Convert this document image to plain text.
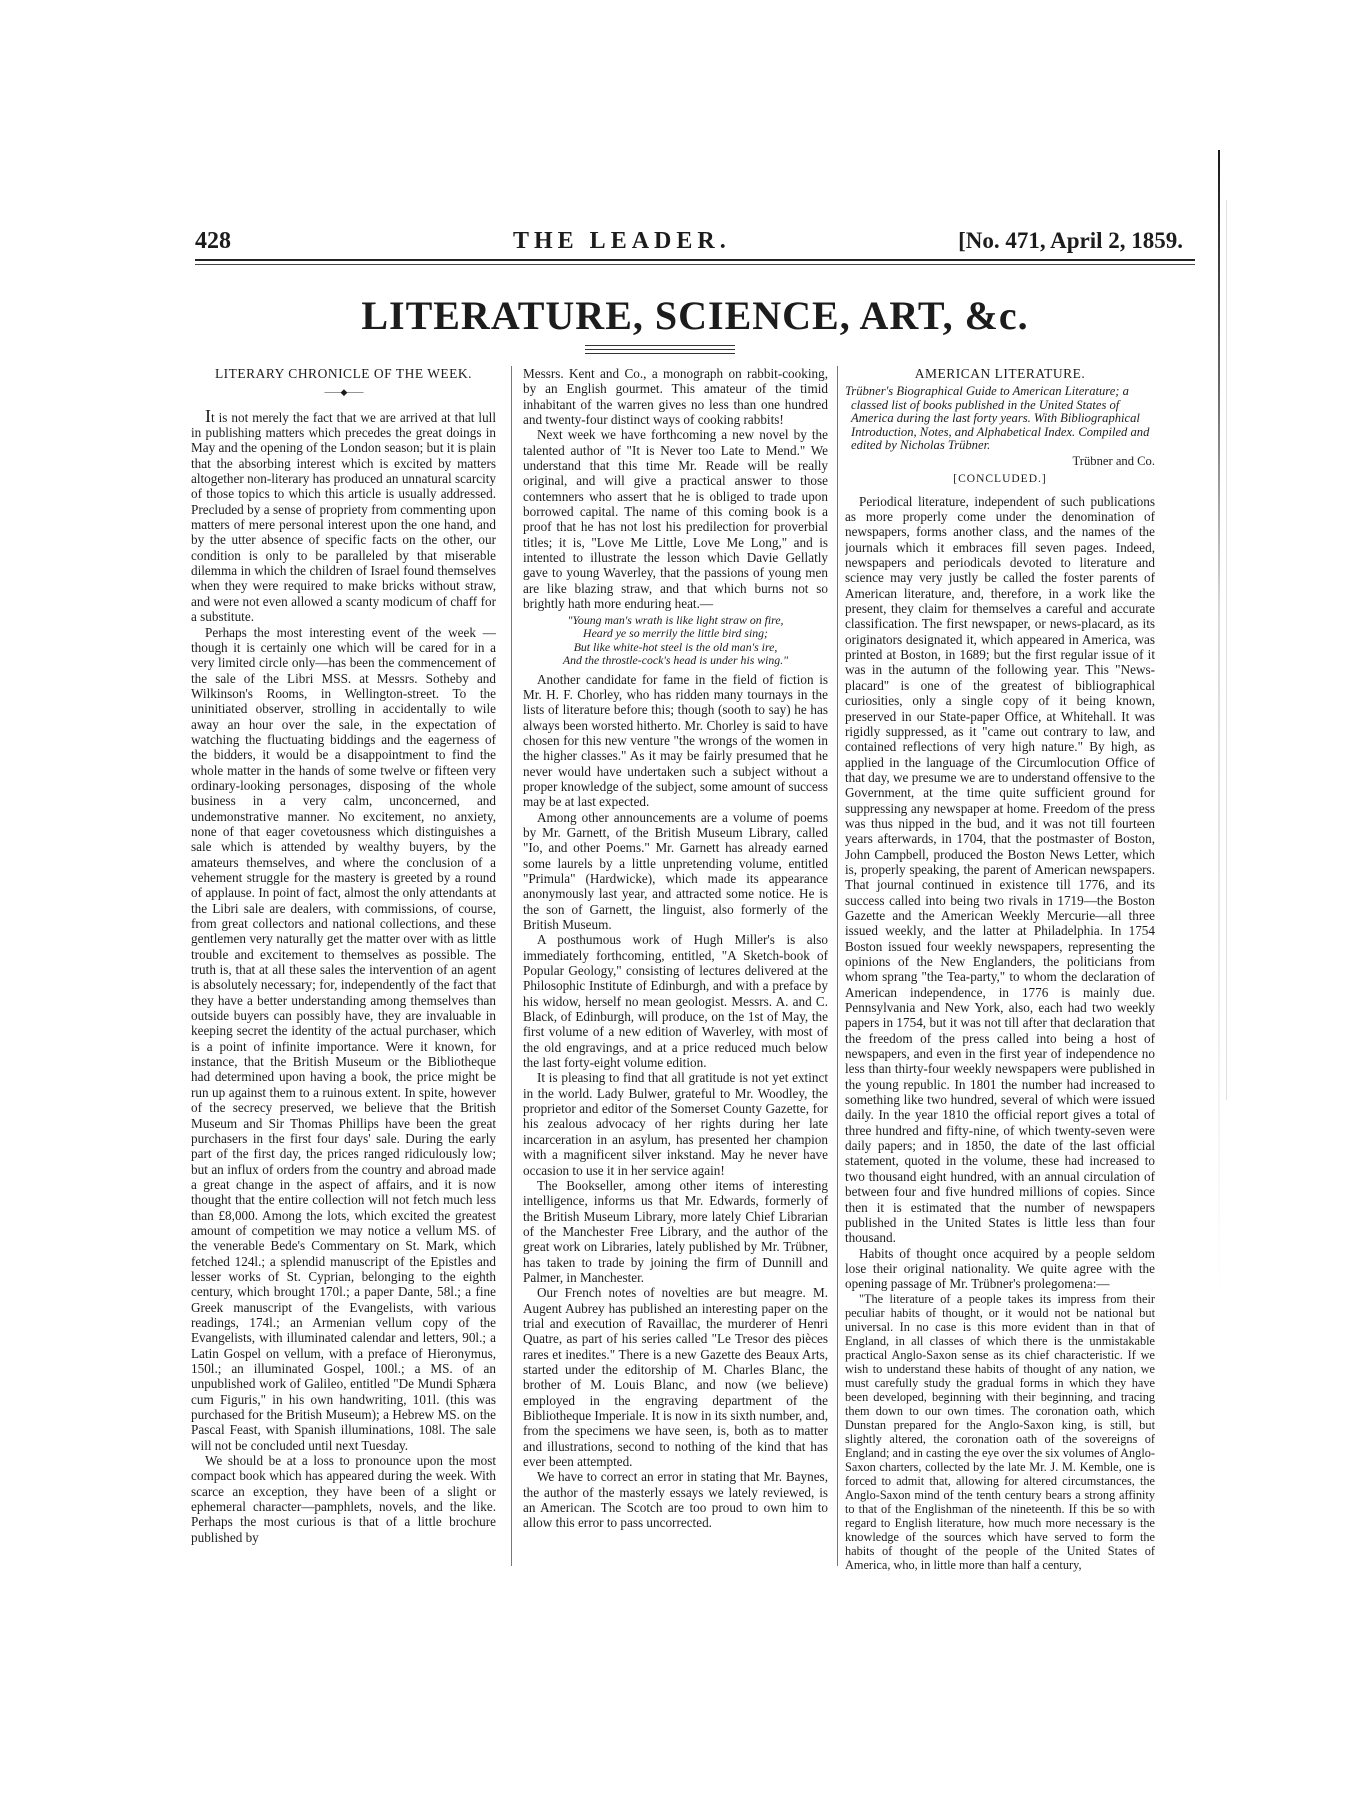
428	THE LEADER.	[No. 471, April 2, 1859.
LITERATURE, SCIENCE, ART, &c.
LITERARY CHRONICLE OF THE WEEK.
——◆——

It is not merely the fact that we are arrived at that lull in publishing matters which precedes the great doings in May and the opening of the London season; but it is plain that the absorbing interest which is excited by matters altogether non-literary has produced an unnatural scarcity of those topics to which this article is usually addressed. Precluded by a sense of propriety from commenting upon matters of mere personal interest upon the one hand, and by the utter absence of specific facts on the other, our condition is only to be paralleled by that miserable dilemma in which the children of Israel found themselves when they were required to make bricks without straw, and were not even allowed a scanty modicum of chaff for a substitute.

Perhaps the most interesting event of the week —though it is certainly one which will be cared for in a very limited circle only—has been the commencement of the sale of the Libri MSS. at Messrs. Sotheby and Wilkinson's Rooms, in Wellington-street. To the uninitiated observer, strolling in accidentally to wile away an hour over the sale, in the expectation of watching the fluctuating biddings and the eagerness of the bidders, it would be a disappointment to find the whole matter in the hands of some twelve or fifteen very ordinary-looking personages, disposing of the whole business in a very calm, unconcerned, and undemonstrative manner. No excitement, no anxiety, none of that eager covetousness which distinguishes a sale which is attended by wealthy buyers, by the amateurs themselves, and where the conclusion of a vehement struggle for the mastery is greeted by a round of applause. In point of fact, almost the only attendants at the Libri sale are dealers, with commissions, of course, from great collectors and national collections, and these gentlemen very naturally get the matter over with as little trouble and excitement to themselves as possible. The truth is, that at all these sales the intervention of an agent is absolutely necessary; for, independently of the fact that they have a better understanding among themselves than outside buyers can possibly have, they are invaluable in keeping secret the identity of the actual purchaser, which is a point of infinite importance. Were it known, for instance, that the British Museum or the Bibliotheque had determined upon having a book, the price might be run up against them to a ruinous extent. In spite, however of the secrecy preserved, we believe that the British Museum and Sir Thomas Phillips have been the great purchasers in the first four days' sale. During the early part of the first day, the prices ranged ridiculously low; but an influx of orders from the country and abroad made a great change in the aspect of affairs, and it is now thought that the entire collection will not fetch much less than £8,000. Among the lots, which excited the greatest amount of competition we may notice a vellum MS. of the venerable Bede's Commentary on St. Mark, which fetched 124l.; a splendid manuscript of the Epistles and lesser works of St. Cyprian, belonging to the eighth century, which brought 170l.; a paper Dante, 58l.; a fine Greek manuscript of the Evangelists, with various readings, 174l.; an Armenian vellum copy of the Evangelists, with illuminated calendar and letters, 90l.; a Latin Gospel on vellum, with a preface of Hieronymus, 150l.; an illuminated Gospel, 100l.; a MS. of an unpublished work of Galileo, entitled "De Mundi Sphæra cum Figuris," in his own handwriting, 101l. (this was purchased for the British Museum); a Hebrew MS. on the Pascal Feast, with Spanish illuminations, 108l. The sale will not be concluded until next Tuesday.

We should be at a loss to pronounce upon the most compact book which has appeared during the week. With scarce an exception, they have been of a slight or ephemeral character—pamphlets, novels, and the like. Perhaps the most curious is that of a little brochure published by

Messrs. Kent and Co., a monograph on rabbit-cooking, by an English gourmet. This amateur of the timid inhabitant of the warren gives no less than one hundred and twenty-four distinct ways of cooking rabbits!

Next week we have forthcoming a new novel by the talented author of "It is Never too Late to Mend." We understand that this time Mr. Reade will be really original, and will give a practical answer to those contemners who assert that he is obliged to trade upon borrowed capital. The name of this coming book is a proof that he has not lost his predilection for proverbial titles; it is, "Love Me Little, Love Me Long," and is intented to illustrate the lesson which Davie Gellatly gave to young Waverley, that the passions of young men are like blazing straw, and that which burns not so brightly hath more enduring heat.—

"Young man's wrath is like light straw on fire,
Heard ye so merrily the little bird sing;
But like white-hot steel is the old man's ire,
And the throstle-cock's head is under his wing."

Another candidate for fame in the field of fiction is Mr. H. F. Chorley, who has ridden many tournays in the lists of literature before this; though (sooth to say) he has always been worsted hitherto. Mr. Chorley is said to have chosen for this new venture "the wrongs of the women in the higher classes." As it may be fairly presumed that he never would have undertaken such a subject without a proper knowledge of the subject, some amount of success may be at last expected.

Among other announcements are a volume of poems by Mr. Garnett, of the British Museum Library, called "Io, and other Poems." Mr. Garnett has already earned some laurels by a little unpretending volume, entitled "Primula" (Hardwicke), which made its appearance anonymously last year, and attracted some notice. He is the son of Garnett, the linguist, also formerly of the British Museum.

A posthumous work of Hugh Miller's is also immediately forthcoming, entitled, "A Sketch-book of Popular Geology," consisting of lectures delivered at the Philosophic Institute of Edinburgh, and with a preface by his widow, herself no mean geologist. Messrs. A. and C. Black, of Edinburgh, will produce, on the 1st of May, the first volume of a new edition of Waverley, with most of the old engravings, and at a price reduced much below the last forty-eight volume edition.

It is pleasing to find that all gratitude is not yet extinct in the world. Lady Bulwer, grateful to Mr. Woodley, the proprietor and editor of the Somerset County Gazette, for his zealous advocacy of her rights during her late incarceration in an asylum, has presented her champion with a magnificent silver inkstand. May he never have occasion to use it in her service again!

The Bookseller, among other items of interesting intelligence, informs us that Mr. Edwards, formerly of the British Museum Library, more lately Chief Librarian of the Manchester Free Library, and the author of the great work on Libraries, lately published by Mr. Trübner, has taken to trade by joining the firm of Dunnill and Palmer, in Manchester.

Our French notes of novelties are but meagre. M. Augent Aubrey has published an interesting paper on the trial and execution of Ravaillac, the murderer of Henri Quatre, as part of his series called "Le Tresor des pièces rares et inedites." There is a new Gazette des Beaux Arts, started under the editorship of M. Charles Blanc, the brother of M. Louis Blanc, and now (we believe) employed in the engraving department of the Bibliotheque Imperiale. It is now in its sixth number, and, from the specimens we have seen, is, both as to matter and illustrations, second to nothing of the kind that has ever been attempted.

We have to correct an error in stating that Mr. Baynes, the author of the masterly essays we lately reviewed, is an American. The Scotch are too proud to own him to allow this error to pass uncorrected.

AMERICAN LITERATURE.
Trübner's Biographical Guide to American Literature; a classed list of books published in the United States of America during the last forty years. With Bibliographical Introduction, Notes, and Alphabetical Index. Compiled and edited by Nicholas Trübner.
Trübner and Co.
[CONCLUDED.]

Periodical literature, independent of such publications as more properly come under the denomination of newspapers, forms another class, and the names of the journals which it embraces fill seven pages. Indeed, newspapers and periodicals devoted to literature and science may very justly be called the foster parents of American literature, and, therefore, in a work like the present, they claim for themselves a careful and accurate classification. The first newspaper, or news-placard, as its originators designated it, which appeared in America, was printed at Boston, in 1689; but the first regular issue of it was in the autumn of the following year. This "News-placard" is one of the greatest of bibliographical curiosities, only a single copy of it being known, preserved in our State-paper Office, at Whitehall. It was rigidly suppressed, as it "came out contrary to law, and contained reflections of very high nature." By high, as applied in the language of the Circumlocution Office of that day, we presume we are to understand offensive to the Government, at the time quite sufficient ground for suppressing any newspaper at home. Freedom of the press was thus nipped in the bud, and it was not till fourteen years afterwards, in 1704, that the postmaster of Boston, John Campbell, produced the Boston News Letter, which is, properly speaking, the parent of American newspapers. That journal continued in existence till 1776, and its success called into being two rivals in 1719—the Boston Gazette and the American Weekly Mercurie—all three issued weekly, and the latter at Philadelphia. In 1754 Boston issued four weekly newspapers, representing the opinions of the New Englanders, the politicians from whom sprang "the Tea-party," to whom the declaration of American independence, in 1776 is mainly due. Pennsylvania and New York, also, each had two weekly papers in 1754, but it was not till after that declaration that the freedom of the press called into being a host of newspapers, and even in the first year of independence no less than thirty-four weekly newspapers were published in the young republic. In 1801 the number had increased to something like two hundred, several of which were issued daily. In the year 1810 the official report gives a total of three hundred and fifty-nine, of which twenty-seven were daily papers; and in 1850, the date of the last official statement, quoted in the volume, these had increased to two thousand eight hundred, with an annual circulation of between four and five hundred millions of copies. Since then it is estimated that the number of newspapers published in the United States is little less than four thousand.

Habits of thought once acquired by a people seldom lose their original nationality. We quite agree with the opening passage of Mr. Trübner's prolegomena:—

"The literature of a people takes its impress from their peculiar habits of thought, or it would not be national but universal. In no case is this more evident than in that of England, in all classes of which there is the unmistakable practical Anglo-Saxon sense as its chief characteristic. If we wish to understand these habits of thought of any nation, we must carefully study the gradual forms in which they have been developed, beginning with their beginning, and tracing them down to our own times. The coronation oath, which Dunstan prepared for the Anglo-Saxon king, is still, but slightly altered, the coronation oath of the sovereigns of England; and in casting the eye over the six volumes of Anglo-Saxon charters, collected by the late Mr. J. M. Kemble, one is forced to admit that, allowing for altered circumstances, the Anglo-Saxon mind of the tenth century bears a strong affinity to that of the Englishman of the nineteenth. If this be so with regard to English literature, how much more necessary is the knowledge of the sources which have served to form the habits of thought of the people of the United States of America, who, in little more than half a century,
